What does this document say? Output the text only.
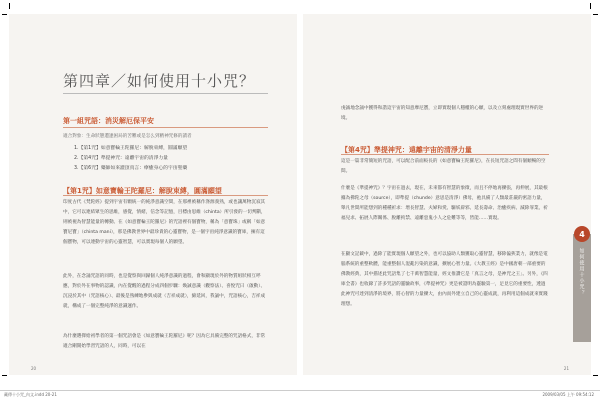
第四章／如何使用十小咒？
第一組咒語：消災解厄保平安
適合對象：生命狀態遭逢困局的苦難或是怎么到精神咒修的讀者
1.【第1咒】如意寶輪王陀羅尼：解脫束縛，圓滿願望
2.【第4咒】準提神咒：遠離宇宙的清淨力量
3.【第6咒】藥師如來灌頂真言：療癒身心的宇宙聖藥
【第1咒】如意寶輪王陀羅尼：解脫束縛，圓滿願望

印度古代《梵陀經》提到宇宙有顆統一的純淨意識空間，在那裡被稱作涤源義熟，或也讓萬物沉寂其中，它可以連結眾生的思維，感覺，情緒，信念等記憶，目標由思維（chinta）所引發的一切判斷，則被視為智慧能量的轉動。在《如意寶輪王陀羅尼》的咒語裡有個寶物，稱為「意寶珠」或稱「如意寶尼寶」（chinta mani），那是佛教世界中最珍貴的心靈寶物，是一個宇宙純淨意識的寶庫，擁有這個寶物，可以連動宇宙的心靈智慧，可以實現每個人的願望。

此外，在念誦咒語的同時，也是覺察與回歸個人純淨意識的過程，會和顯現於外的物質組狀相互呼應，對於外在事物的認識，內在覺醒的過程分成四個步驟：煥誠意識（觀察法）、喜悅咒曰（啟動）、沉浸於其中（咒語核心）、最後是熟練地參與成就（吉祥成就），綿延回，我誦中，咒語核心，吉祥成就，構成了一個完整純淨的意識運作。

為什麼選擇給初學者的第一個咒語會是《如意寶輪王陀羅尼》呢？因為它具備完整的咒語格式，非常適合剛開始學習咒語的人，同時，可以在

20

虔誠地念誦中獲得和諧這宇宙的知意摩尼寶，立即實現個人穩權的心願，以及立刻處理現實世界的逆境。

【第4咒】準提神咒：遠離宇宙的清淨力量

這是一篇非常簡短的咒語，可以配合前面較長的《如意寶輪王陀羅尼》，在長短咒語之間有個順暢的空間。

什麼是《準提神咒》？宇宙在過去，現在，未來都有智慧的象徵，而且不停地再擴張，再伸展，其最根據為佛陀之母（source），即準提（chunde）意思是清淨）佛母，祂具備了人類最莊嚴的密語力量，舉凡世間所能想到的種種祈求：增長智慧、夫婦和愛、驅妖辟邪、延長壽命、治癒疾病、滅除罪業、祈福兒求、拓展人際關係、脫離拘禁、遠離惡鬼小人之危難等等，皆能……實現。

在顯文記載中，過除了能實現個人願望之外，也可以協助人類獲取心靈智慧，移除偏狹業力，就像是電腦系統的重整軟體，能重整個人混亂污染的意識，擴展心智力量。《大教王經》是中國唐朝一部重要的佛教經典，其中描述此咒語集了七千萬智慧能量，經文推讚它是「真言之母，是神咒之王」。另外，《四庫全書》也收錄了許多咒語的靈驗故事，《準提神咒》更是被證明為靈驗第一，足見它的重要性，透過此神咒可達到清淨的境界，將心智的力量擴大，由內而外建立自己的心靈成就，再利用這個成就來實踐理想。

4
如何使用十小咒？
21
藏傳十小咒_內文.indd 20-21	2009/03/05 上午 09:54:12
